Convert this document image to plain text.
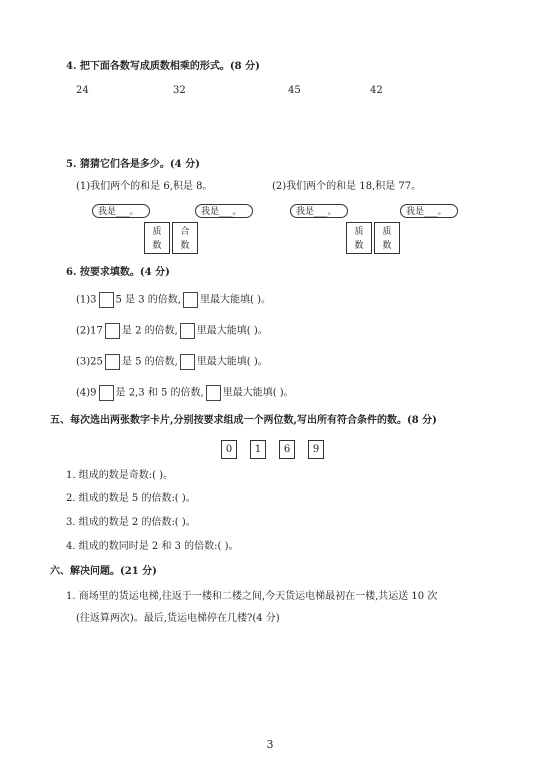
4. 把下面各数写成质数相乘的形式。(8 分)
24	32	45	42
5. 猜猜它们各是多少。(4 分)
(1)我们两个的和是 6,积是 8。	(2)我们两个的和是 18,积是 77。
我是___。	我是___。
质
数
合
数
我是___。	我是___。
质
数
质
数
6. 按要求填数。(4 分)
(1)3 5 是 3 的倍数, 里最大能填( )。
(2)17 是 2 的倍数, 里最大能填( )。
(3)25 是 5 的倍数, 里最大能填( )。
(4)9 是 2,3 和 5 的倍数, 里最大能填( )。
五、每次选出两张数字卡片,分别按要求组成一个两位数,写出所有符合条件的数。(8 分)
0	1	6	9
1. 组成的数是奇数:( )。
2. 组成的数是 5 的倍数:( )。
3. 组成的数是 2 的倍数:( )。
4. 组成的数同时是 2 和 3 的倍数:( )。
六、解决问题。(21 分)
1. 商场里的货运电梯,往返于一楼和二楼之间,今天货运电梯最初在一楼,共运送 10 次
(往返算两次)。最后,货运电梯停在几楼?(4 分)
3
